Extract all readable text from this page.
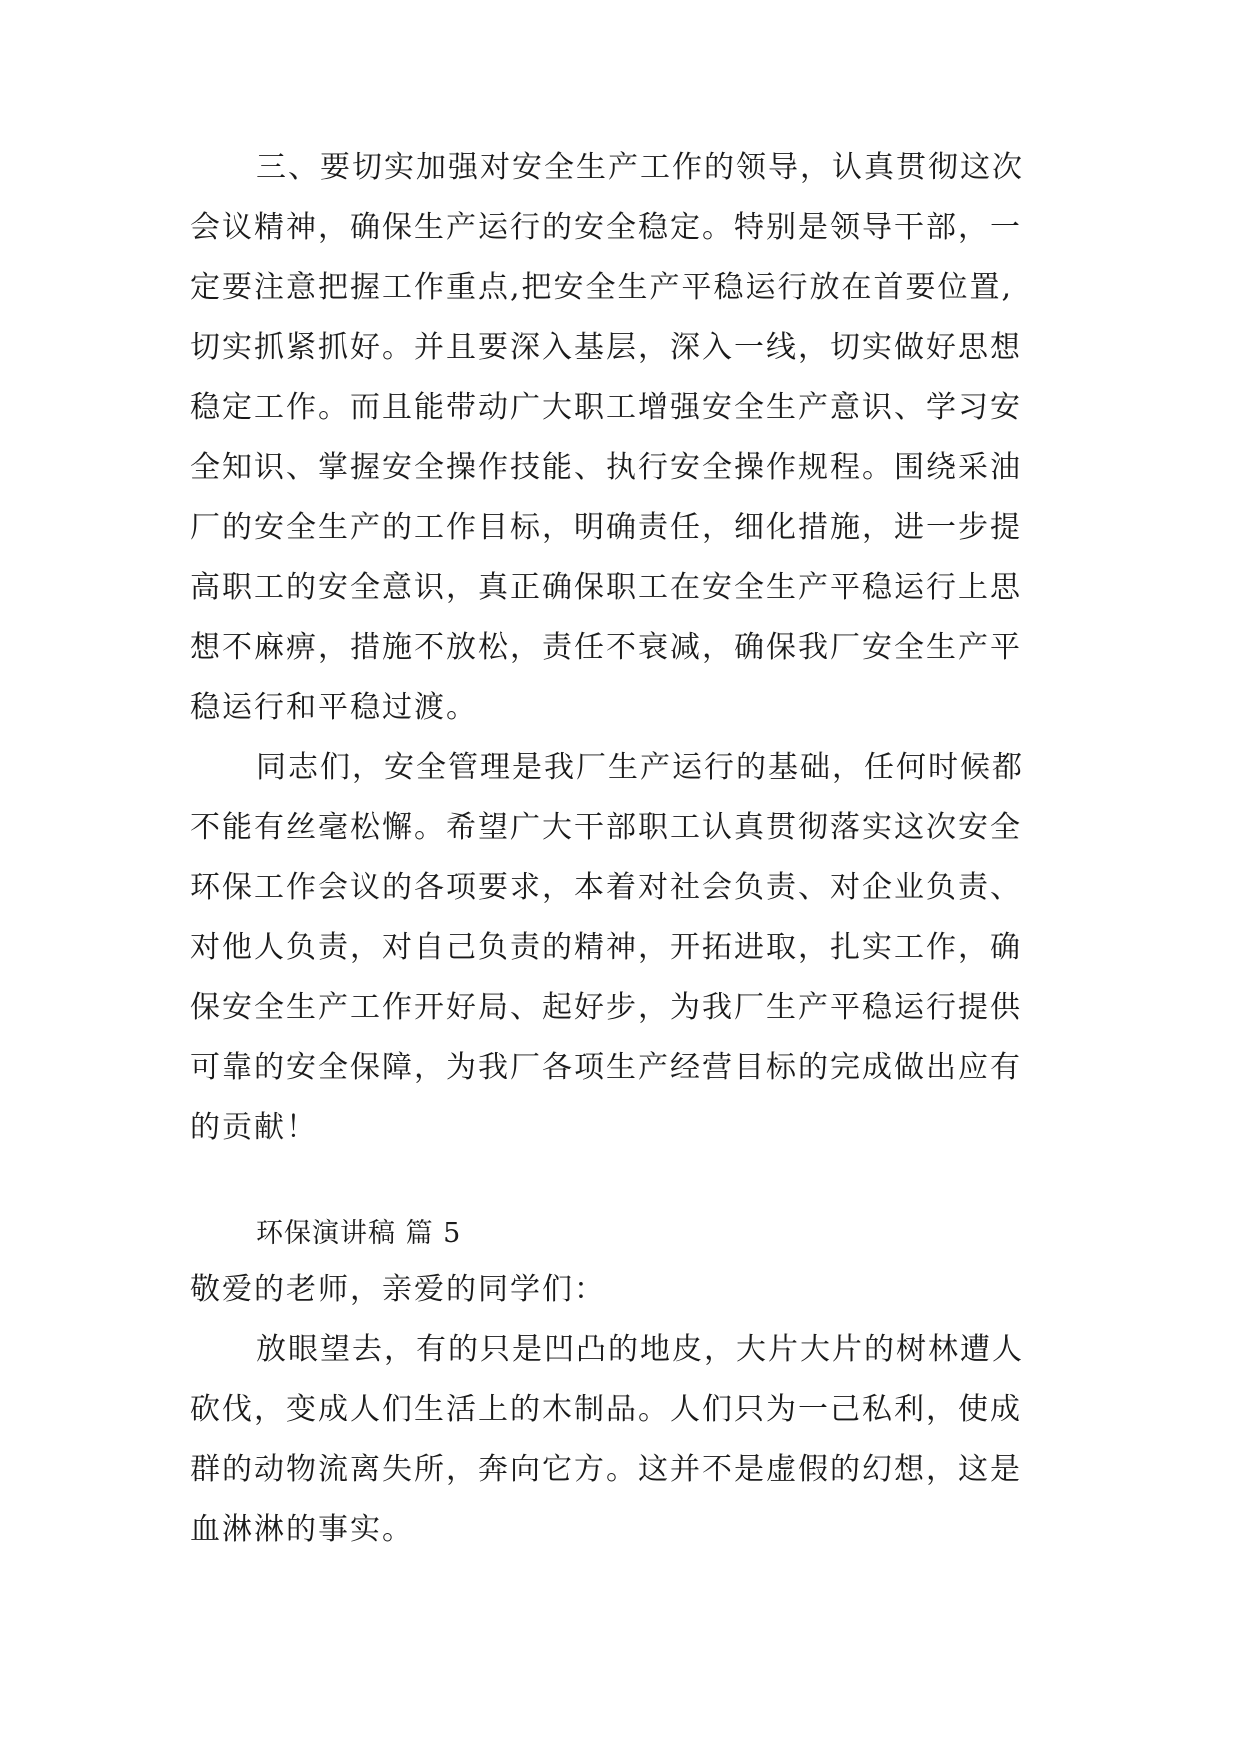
三、要切实加强对安全生产工作的领导，认真贯彻这次
会议精神，确保生产运行的安全稳定。特别是领导干部，一
定要注意把握工作重点,把安全生产平稳运行放在首要位置,
切实抓紧抓好。并且要深入基层，深入一线，切实做好思想
稳定工作。而且能带动广大职工增强安全生产意识、学习安
全知识、掌握安全操作技能、执行安全操作规程。围绕采油
厂的安全生产的工作目标，明确责任，细化措施，进一步提
高职工的安全意识，真正确保职工在安全生产平稳运行上思
想不麻痹，措施不放松，责任不衰减，确保我厂安全生产平
稳运行和平稳过渡。
同志们，安全管理是我厂生产运行的基础，任何时候都
不能有丝毫松懈。希望广大干部职工认真贯彻落实这次安全
环保工作会议的各项要求，本着对社会负责、对企业负责、
对他人负责，对自己负责的精神，开拓进取，扎实工作，确
保安全生产工作开好局、起好步，为我厂生产平稳运行提供
可靠的安全保障，为我厂各项生产经营目标的完成做出应有
的贡献！
环保演讲稿 篇 5
敬爱的老师，亲爱的同学们：
放眼望去，有的只是凹凸的地皮，大片大片的树林遭人
砍伐，变成人们生活上的木制品。人们只为一己私利，使成
群的动物流离失所，奔向它方。这并不是虚假的幻想，这是
血淋淋的事实。
